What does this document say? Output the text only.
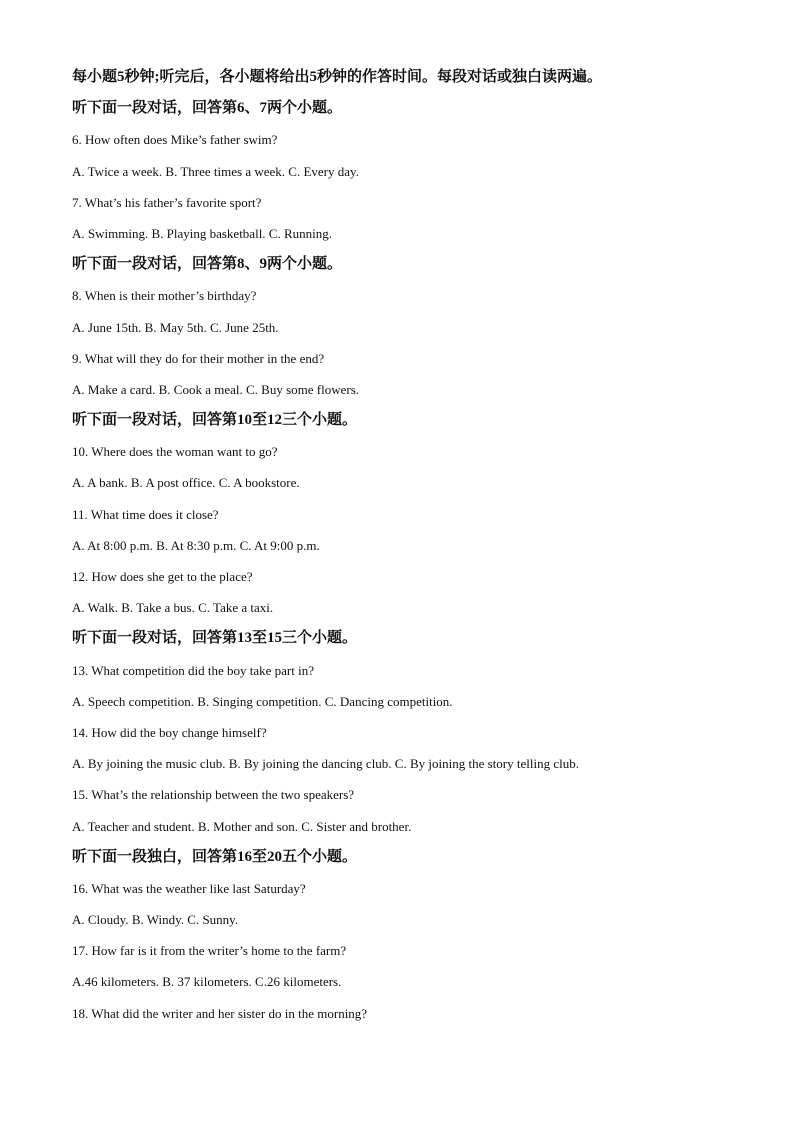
每小题5秒钟;听完后，各小题将给出5秒钟的作答时间。每段对话或独白读两遍。
听下面一段对话，回答第6、7两个小题。
6. How often does Mike’s father swim?
A. Twice a week. B. Three times a week. C. Every day.
7. What’s his father’s favorite sport?
A. Swimming. B. Playing basketball. C. Running.
听下面一段对话，回答第8、9两个小题。
8. When is their mother’s birthday?
A. June 15th. B. May 5th. C. June 25th.
9. What will they do for their mother in the end?
A. Make a card. B. Cook a meal. C. Buy some flowers.
听下面一段对话，回答第10至12三个小题。
10. Where does the woman want to go?
A. A bank. B. A post office. C. A bookstore.
11. What time does it close?
A. At 8:00 p.m. B. At 8:30 p.m. C. At 9:00 p.m.
12. How does she get to the place?
A. Walk. B. Take a bus. C. Take a taxi.
听下面一段对话，回答第13至15三个小题。
13. What competition did the boy take part in?
A. Speech competition. B. Singing competition. C. Dancing competition.
14. How did the boy change himself?
A. By joining the music club. B. By joining the dancing club. C. By joining the story telling club.
15. What’s the relationship between the two speakers?
A. Teacher and student. B. Mother and son. C. Sister and brother.
听下面一段独白，回答第16至20五个小题。
16. What was the weather like last Saturday?
A. Cloudy. B. Windy. C. Sunny.
17. How far is it from the writer’s home to the farm?
A.46 kilometers. B. 37 kilometers. C.26 kilometers.
18. What did the writer and her sister do in the morning?
